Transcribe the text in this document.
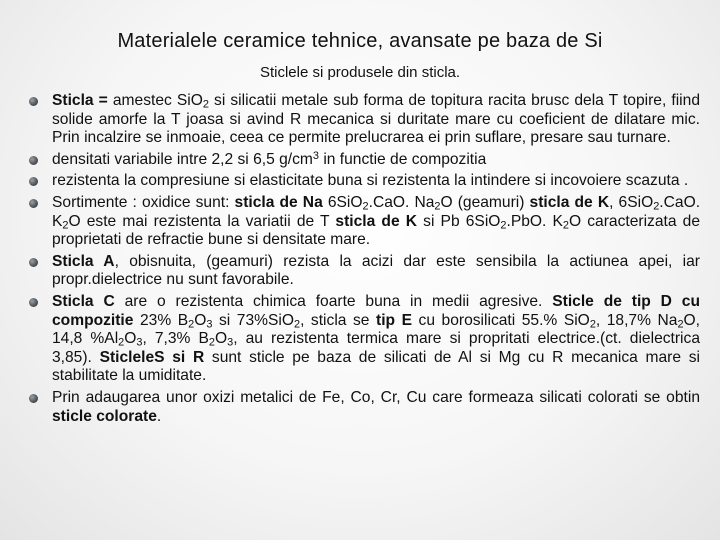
Materialele ceramice tehnice, avansate pe baza de Si
Sticlele si produsele din sticla.
Sticla = amestec SiO$_2$ si silicatii metale sub forma de topitura racita brusc dela T topire, fiind solide amorfe la T joasa si avind R mecanica si duritate mare cu coeficient de dilatare mic. Prin incalzire se inmoaie, ceea ce permite prelucrarea ei prin suflare, presare sau turnare.
densitati variabile intre 2,2 si 6,5 $g/cm^3$ in functie de compozitia
rezistenta la compresiune si elasticitate buna si rezistenta la intindere si incovoiere scazuta .
Sortimente : oxidice sunt: sticla de Na 6SiO$_2$.CaO. $Na_2O$ (geamuri) sticla de K, 6SiO$_2$.CaO. $K_2O$ este mai rezistenta la variatii de T sticla de K si Pb 6SiO$_2$.PbO. $K_2O$ caracterizata de proprietati de refractie bune si densitate mare.
Sticla A, obisnuita, (geamuri) rezista la acizi dar este sensibila la actiunea apei, iar propr.dielectrice nu sunt favorabile.
Sticla C are o rezistenta chimica foarte buna in medii agresive. Sticle de tip D cu compozitie 23% $B_2O_3$ si 73%SiO$_2$, sticla se tip E cu borosilicati 55.% SiO$_2$, 18,7% $Na_2O$, 14,8 $\%Al_2O_3$, 7,3% $B_2O_3$, au rezistenta termica mare si propritati electrice.(ct. dielectrica 3,85). SticleleS si R sunt sticle pe baza de silicati de Al si Mg cu R mecanica mare si stabilitate la umiditate.
Prin adaugarea unor oxizi metalici de Fe, Co, Cr, Cu care formeaza silicati colorati se obtin sticle colorate.
